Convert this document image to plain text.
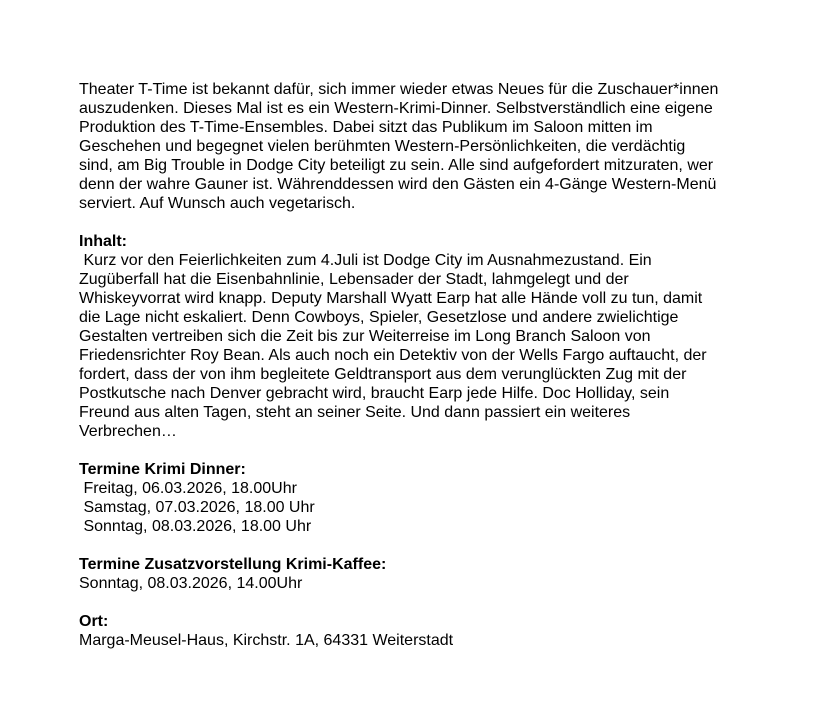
Theater T-Time ist bekannt dafür, sich immer wieder etwas Neues für die Zuschauer*innen
auszudenken. Dieses Mal ist es ein Western-Krimi-Dinner. Selbstverständlich eine eigene
Produktion des T-Time-Ensembles. Dabei sitzt das Publikum im Saloon mitten im
Geschehen und begegnet vielen berühmten Western-Persönlichkeiten, die verdächtig
sind, am Big Trouble in Dodge City beteiligt zu sein. Alle sind aufgefordert mitzuraten, wer
denn der wahre Gauner ist. Währenddessen wird den Gästen ein 4-Gänge Western-Menü
serviert. Auf Wunsch auch vegetarisch.
Inhalt:
Kurz vor den Feierlichkeiten zum 4.Juli ist Dodge City im Ausnahmezustand. Ein
Zugüberfall hat die Eisenbahnlinie, Lebensader der Stadt, lahmgelegt und der
Whiskeyvorrat wird knapp. Deputy Marshall Wyatt Earp hat alle Hände voll zu tun, damit
die Lage nicht eskaliert. Denn Cowboys, Spieler, Gesetzlose und andere zwielichtige
Gestalten vertreiben sich die Zeit bis zur Weiterreise im Long Branch Saloon von
Friedensrichter Roy Bean. Als auch noch ein Detektiv von der Wells Fargo auftaucht, der
fordert, dass der von ihm begleitete Geldtransport aus dem verunglückten Zug mit der
Postkutsche nach Denver gebracht wird, braucht Earp jede Hilfe. Doc Holliday, sein
Freund aus alten Tagen, steht an seiner Seite. Und dann passiert ein weiteres
Verbrechen…
Termine Krimi Dinner:
Freitag, 06.03.2026, 18.00Uhr
Samstag, 07.03.2026, 18.00 Uhr
Sonntag, 08.03.2026, 18.00 Uhr
Termine Zusatzvorstellung Krimi-Kaffee:
Sonntag, 08.03.2026, 14.00Uhr
Ort:
Marga-Meusel-Haus, Kirchstr. 1A, 64331 Weiterstadt
